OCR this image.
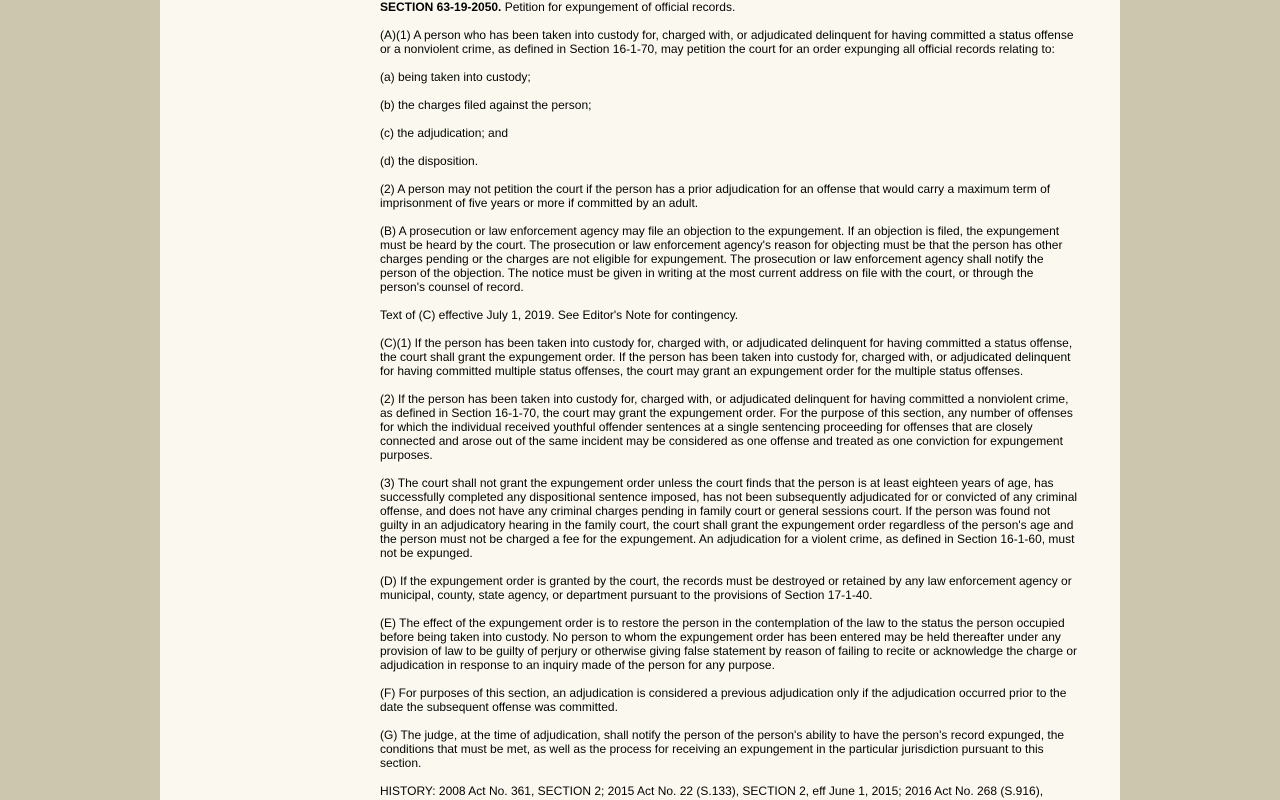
SECTION 63-19-2050. Petition for expungement of official records.

(A)(1) A person who has been taken into custody for, charged with, or adjudicated delinquent for having committed a status offense or a nonviolent crime, as defined in Section 16-1-70, may petition the court for an order expunging all official records relating to:

(a) being taken into custody;

(b) the charges filed against the person;

(c) the adjudication; and

(d) the disposition.

(2) A person may not petition the court if the person has a prior adjudication for an offense that would carry a maximum term of imprisonment of five years or more if committed by an adult.

(B) A prosecution or law enforcement agency may file an objection to the expungement. If an objection is filed, the expungement must be heard by the court. The prosecution or law enforcement agency's reason for objecting must be that the person has other charges pending or the charges are not eligible for expungement. The prosecution or law enforcement agency shall notify the person of the objection. The notice must be given in writing at the most current address on file with the court, or through the person's counsel of record.

Text of (C) effective July 1, 2019. See Editor's Note for contingency.

(C)(1) If the person has been taken into custody for, charged with, or adjudicated delinquent for having committed a status offense, the court shall grant the expungement order. If the person has been taken into custody for, charged with, or adjudicated delinquent for having committed multiple status offenses, the court may grant an expungement order for the multiple status offenses.

(2) If the person has been taken into custody for, charged with, or adjudicated delinquent for having committed a nonviolent crime, as defined in Section 16-1-70, the court may grant the expungement order. For the purpose of this section, any number of offenses for which the individual received youthful offender sentences at a single sentencing proceeding for offenses that are closely connected and arose out of the same incident may be considered as one offense and treated as one conviction for expungement purposes.

(3) The court shall not grant the expungement order unless the court finds that the person is at least eighteen years of age, has successfully completed any dispositional sentence imposed, has not been subsequently adjudicated for or convicted of any criminal offense, and does not have any criminal charges pending in family court or general sessions court. If the person was found not guilty in an adjudicatory hearing in the family court, the court shall grant the expungement order regardless of the person's age and the person must not be charged a fee for the expungement. An adjudication for a violent crime, as defined in Section 16-1-60, must not be expunged.

(D) If the expungement order is granted by the court, the records must be destroyed or retained by any law enforcement agency or municipal, county, state agency, or department pursuant to the provisions of Section 17-1-40.

(E) The effect of the expungement order is to restore the person in the contemplation of the law to the status the person occupied before being taken into custody. No person to whom the expungement order has been entered may be held thereafter under any provision of law to be guilty of perjury or otherwise giving false statement by reason of failing to recite or acknowledge the charge or adjudication in response to an inquiry made of the person for any purpose.

(F) For purposes of this section, an adjudication is considered a previous adjudication only if the adjudication occurred prior to the date the subsequent offense was committed.

(G) The judge, at the time of adjudication, shall notify the person of the person's ability to have the person's record expunged, the conditions that must be met, as well as the process for receiving an expungement in the particular jurisdiction pursuant to this section.

HISTORY: 2008 Act No. 361, SECTION 2; 2015 Act No. 22 (S.133), SECTION 2, eff June 1, 2015; 2016 Act No. 268 (S.916),
